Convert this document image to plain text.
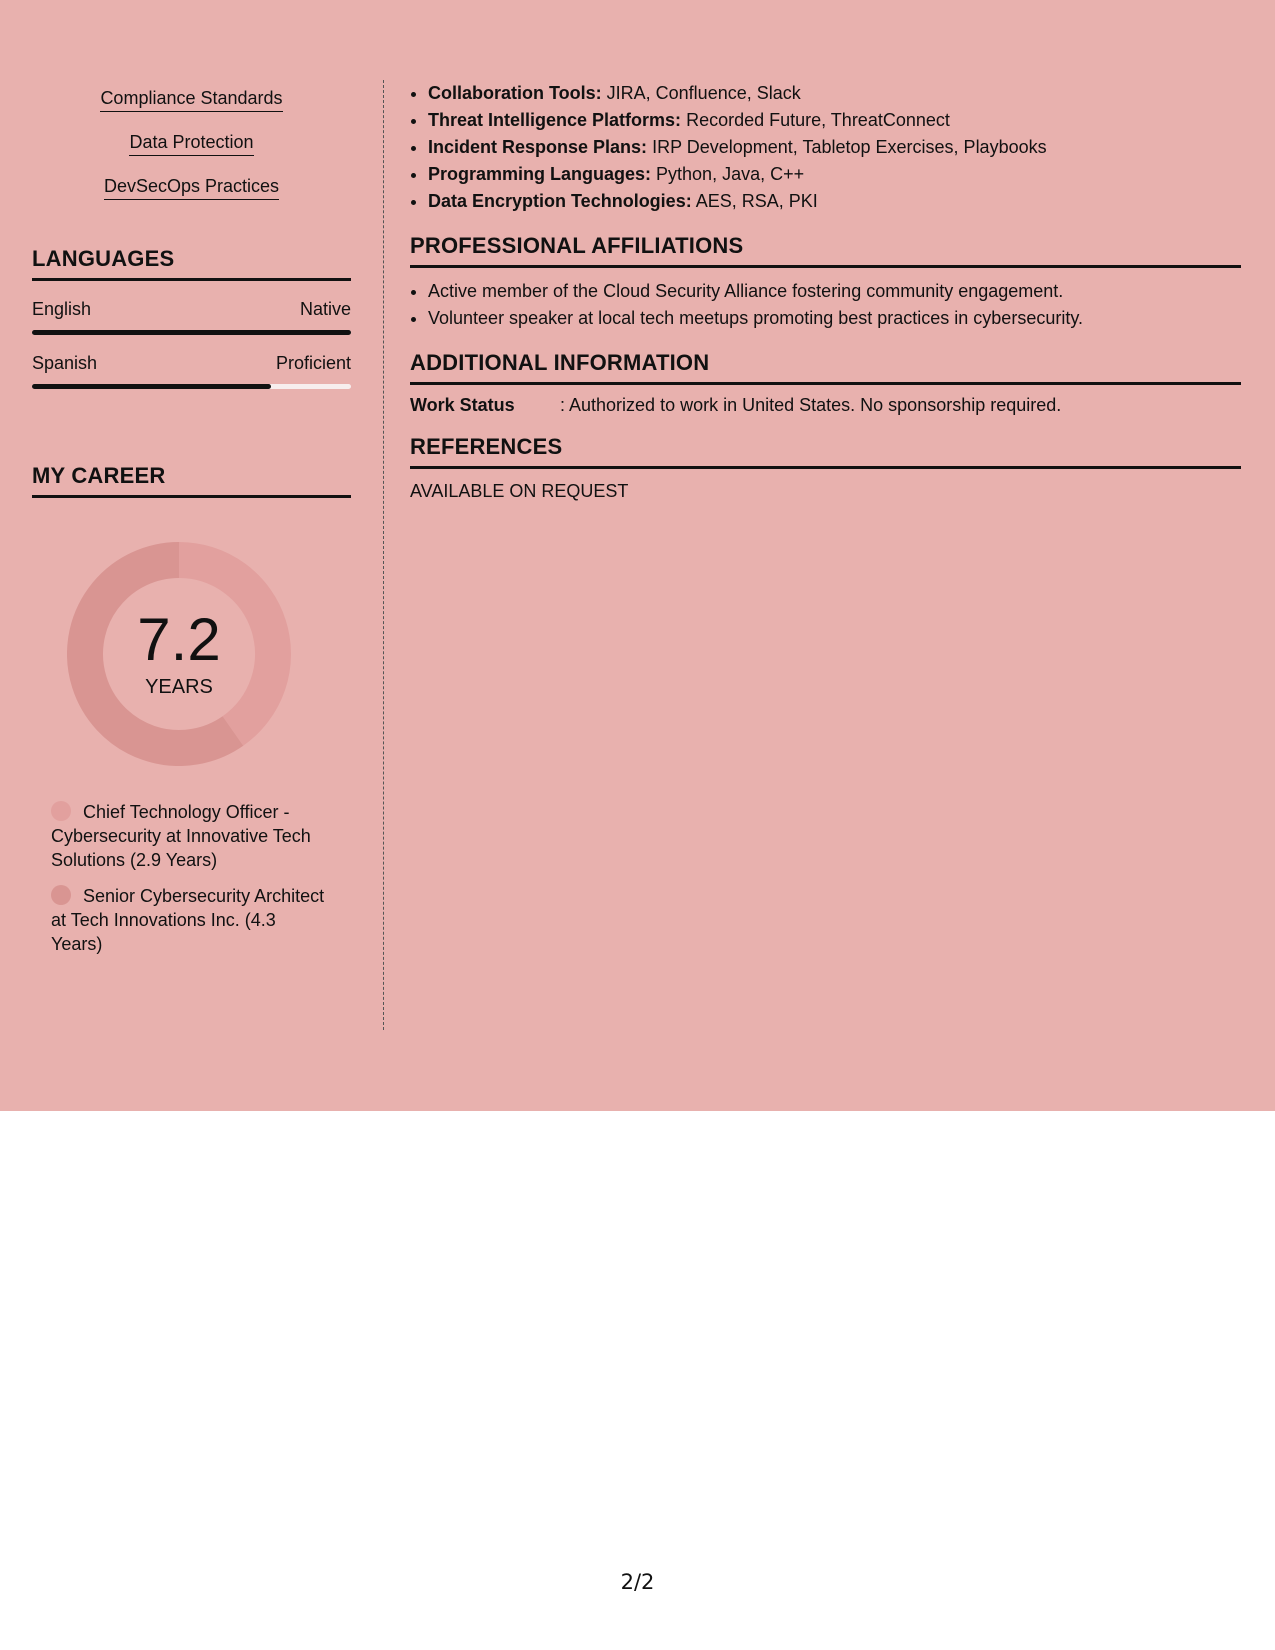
Compliance Standards
Data Protection
DevSecOps Practices
LANGUAGES
English	Native
Spanish	Proficient
MY CAREER
7.2
YEARS
Chief Technology Officer - Cybersecurity at Innovative Tech Solutions (2.9 Years)
Senior Cybersecurity Architect at Tech Innovations Inc. (4.3 Years)
• Collaboration Tools: JIRA, Confluence, Slack
• Threat Intelligence Platforms: Recorded Future, ThreatConnect
• Incident Response Plans: IRP Development, Tabletop Exercises, Playbooks
• Programming Languages: Python, Java, C++
• Data Encryption Technologies: AES, RSA, PKI
PROFESSIONAL AFFILIATIONS
• Active member of the Cloud Security Alliance fostering community engagement.
• Volunteer speaker at local tech meetups promoting best practices in cybersecurity.
ADDITIONAL INFORMATION
Work Status	: Authorized to work in United States. No sponsorship required.
REFERENCES
AVAILABLE ON REQUEST
2/2
